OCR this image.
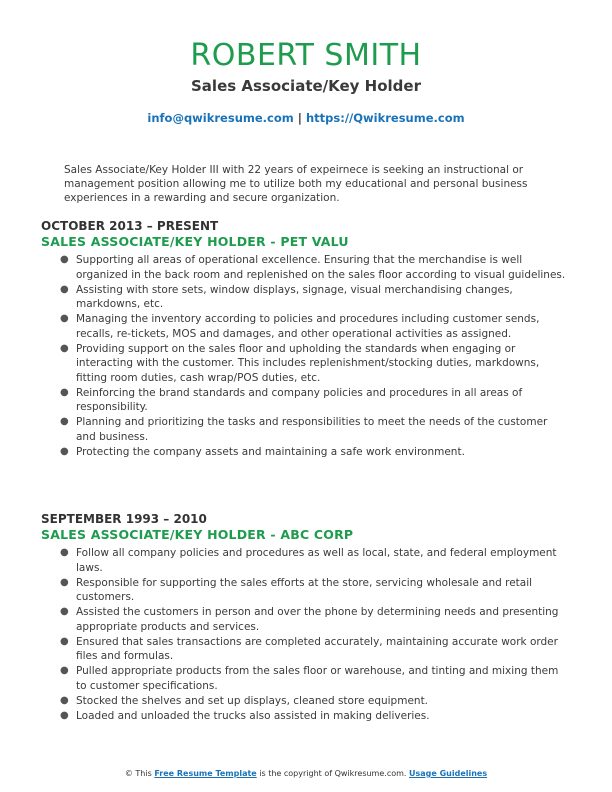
ROBERT SMITH
Sales Associate/Key Holder
info@qwikresume.com | https://Qwikresume.com
Sales Associate/Key Holder III with 22 years of expeirnece is seeking an instructional or management position allowing me to utilize both my educational and personal business experiences in a rewarding and secure organization.

OCTOBER 2013 – PRESENT

SALES ASSOCIATE/KEY HOLDER - PET VALU

● Supporting all areas of operational excellence. Ensuring that the merchandise is well organized in the back room and replenished on the sales floor according to visual guidelines.
● Assisting with store sets, window displays, signage, visual merchandising changes, markdowns, etc.
● Managing the inventory according to policies and procedures including customer sends, recalls, re-tickets, MOS and damages, and other operational activities as assigned.
● Providing support on the sales floor and upholding the standards when engaging or interacting with the customer. This includes replenishment/stocking duties, markdowns, fitting room duties, cash wrap/POS duties, etc.
● Reinforcing the brand standards and company policies and procedures in all areas of responsibility.
● Planning and prioritizing the tasks and responsibilities to meet the needs of the customer and business.
● Protecting the company assets and maintaining a safe work environment.

SEPTEMBER 1993 – 2010

SALES ASSOCIATE/KEY HOLDER - ABC CORP

● Follow all company policies and procedures as well as local, state, and federal employment laws.
● Responsible for supporting the sales efforts at the store, servicing wholesale and retail customers.
● Assisted the customers in person and over the phone by determining needs and presenting appropriate products and services.
● Ensured that sales transactions are completed accurately, maintaining accurate work order files and formulas.
● Pulled appropriate products from the sales floor or warehouse, and tinting and mixing them to customer specifications.
● Stocked the shelves and set up displays, cleaned store equipment.
● Loaded and unloaded the trucks also assisted in making deliveries.
© This Free Resume Template is the copyright of Qwikresume.com. Usage Guidelines
